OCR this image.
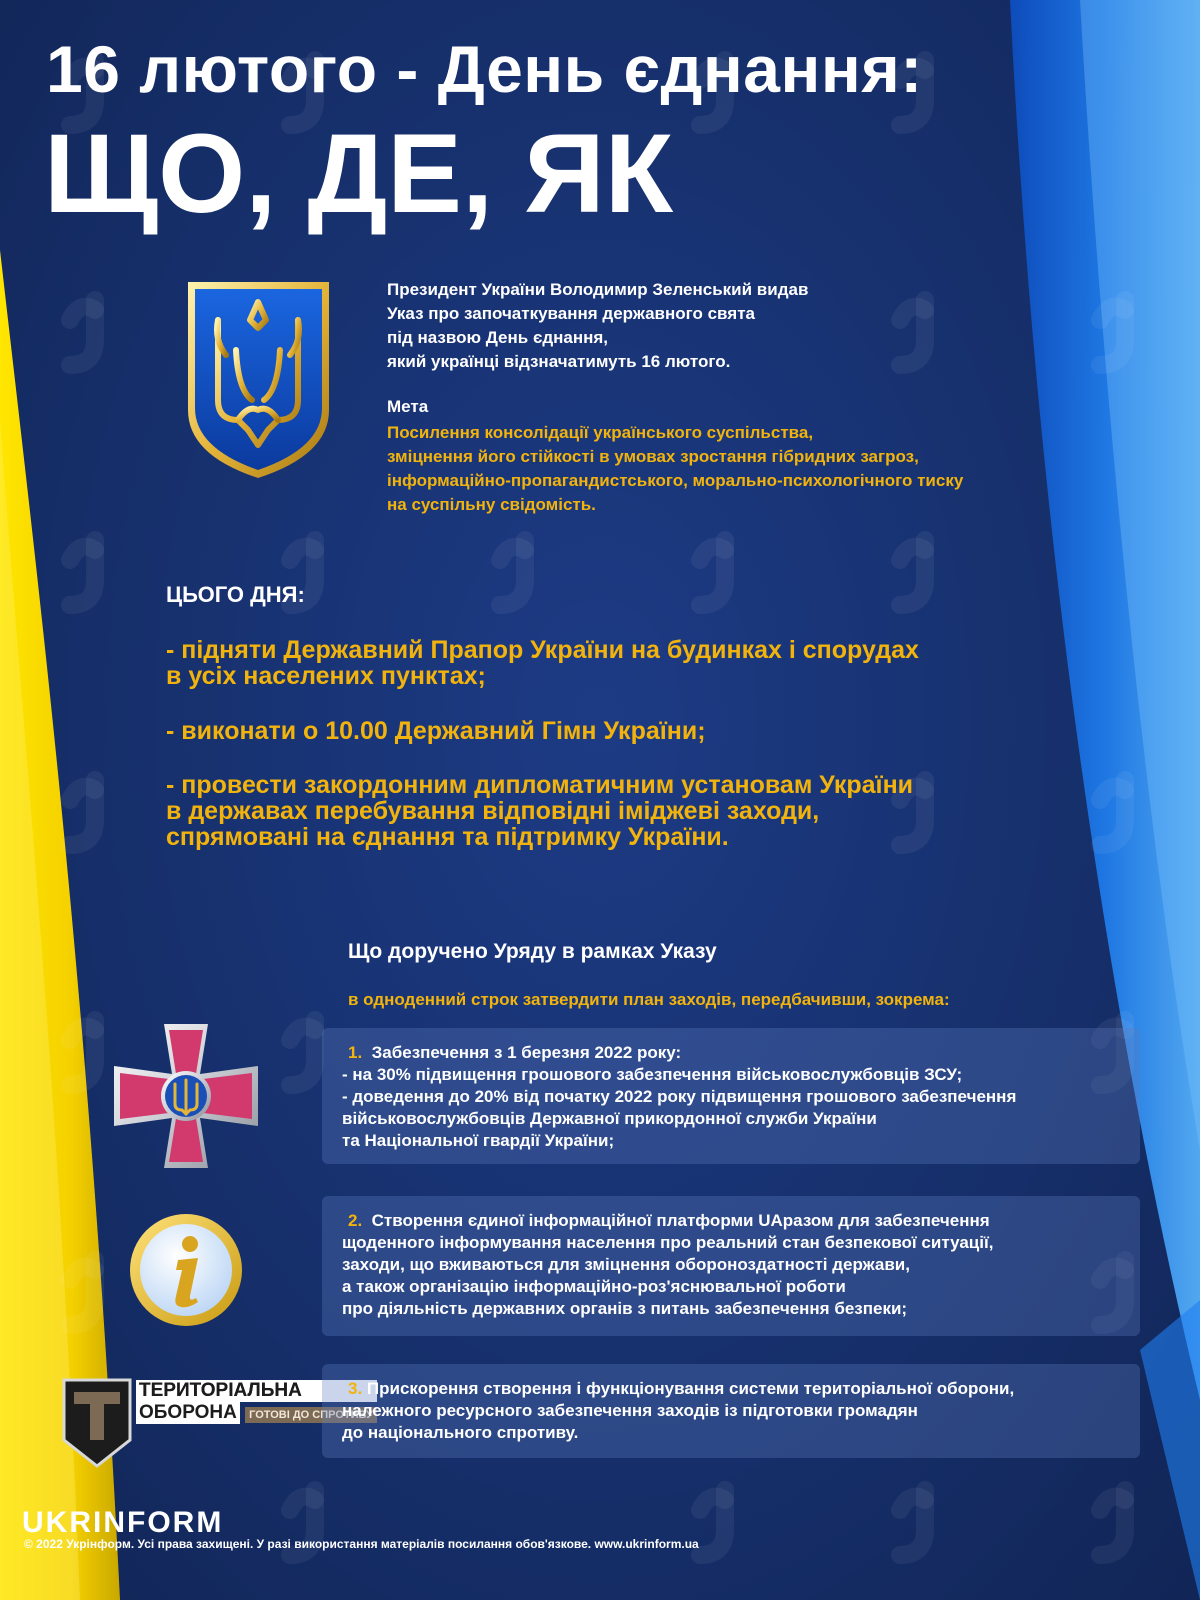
16 лютого - День єднання:
ЩО, ДЕ, ЯК
Президент України Володимир Зеленський видав
Указ про започаткування державного свята
під назвою День єднання,
який українці відзначатимуть 16 лютого.
Мета
Посилення консолідації українського суспільства,
зміцнення його стійкості в умовах зростання гібридних загроз,
інформаційно-пропагандистського, морально-психологічного тиску
на суспільну свідомість.
ЦЬОГО ДНЯ:
- підняти Державний Прапор України на будинках і спорудах
в усіх населених пунктах;
- виконати о 10.00 Державний Гімн України;
- провести закордонним дипломатичним установам України
в державах перебування відповідні іміджеві заходи,
спрямовані на єднання та підтримку України.
Що доручено Уряду в рамках Указу
в одноденний строк затвердити план заходів, передбачивши, зокрема:
ТЕРИТОРІАЛЬНА
ОБОРОНА ГОТОВІ ДО СПРОТИВУ
1. Забезпечення з 1 березня 2022 року:
- на 30% підвищення грошового забезпечення військовослужбовців ЗСУ;
- доведення до 20% від початку 2022 року підвищення грошового забезпечення
військовослужбовців Державної прикордонної служби України
та Національної гвардії України;
2. Створення єдиної інформаційної платформи UAразом для забезпечення
щоденного інформування населення про реальний стан безпекової ситуації,
заходи, що вживаються для зміцнення обороноздатності держави,
а також організацію інформаційно-роз'яснювальної роботи
про діяльність державних органів з питань забезпечення безпеки;
3. Прискорення створення і функціонування системи територіальної оборони,
належного ресурсного забезпечення заходів із підготовки громадян
до національного спротиву.
UKRINFORM
© 2022 Укрінформ. Усі права захищені. У разі використання матеріалів посилання обов'язкове. www.ukrinform.ua
